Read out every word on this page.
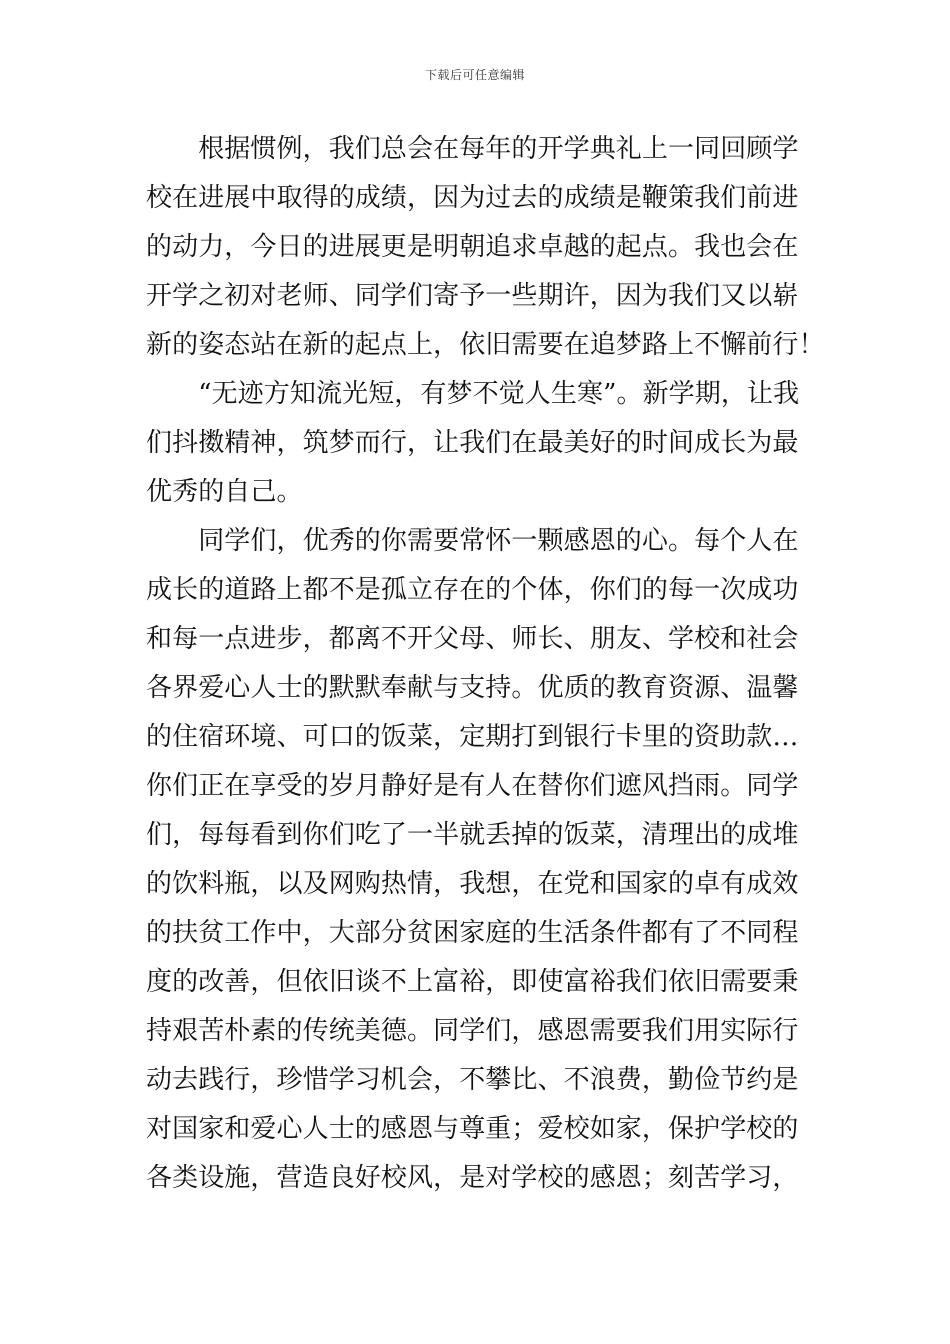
下载后可任意编辑
　　根据惯例，我们总会在每年的开学典礼上一同回顾学
校在进展中取得的成绩，因为过去的成绩是鞭策我们前进
的动力，今日的进展更是明朝追求卓越的起点。我也会在
开学之初对老师、同学们寄予一些期许，因为我们又以崭
新的姿态站在新的起点上，依旧需要在追梦路上不懈前行！
　　“无迹方知流光短，有梦不觉人生寒”。新学期，让我
们抖擞精神，筑梦而行，让我们在最美好的时间成长为最
优秀的自己。
　　同学们，优秀的你需要常怀一颗感恩的心。每个人在
成长的道路上都不是孤立存在的个体，你们的每一次成功
和每一点进步，都离不开父母、师长、朋友、学校和社会
各界爱心人士的默默奉献与支持。优质的教育资源、温馨
的住宿环境、可口的饭菜，定期打到银行卡里的资助款…
你们正在享受的岁月静好是有人在替你们遮风挡雨。同学
们，每每看到你们吃了一半就丢掉的饭菜，清理出的成堆
的饮料瓶，以及网购热情，我想，在党和国家的卓有成效
的扶贫工作中，大部分贫困家庭的生活条件都有了不同程
度的改善，但依旧谈不上富裕，即使富裕我们依旧需要秉
持艰苦朴素的传统美德。同学们，感恩需要我们用实际行
动去践行，珍惜学习机会，不攀比、不浪费，勤俭节约是
对国家和爱心人士的感恩与尊重；爱校如家，保护学校的
各类设施，营造良好校风，是对学校的感恩；刻苦学习，
